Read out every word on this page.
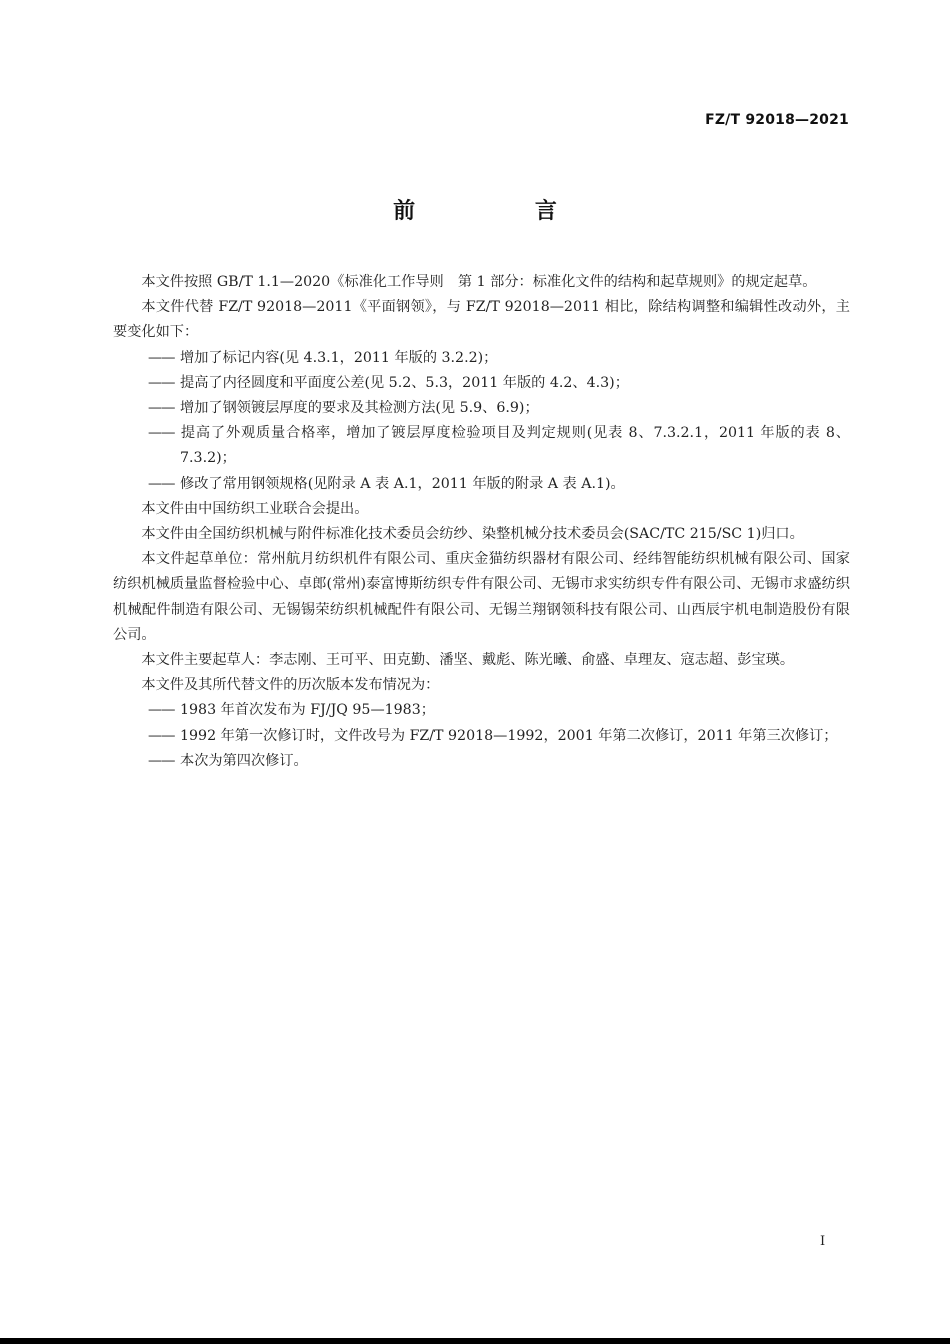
FZ/T 92018—2021
前 言

本文件按照 GB/T 1.1—2020《标准化工作导则　第 1 部分：标准化文件的结构和起草规则》的规定起草。

本文件代替 FZ/T 92018—2011《平面钢领》，与 FZ/T 92018—2011 相比，除结构调整和编辑性改动外，主要变化如下：

—— 增加了标记内容(见 4.3.1，2011 年版的 3.2.2)；

—— 提高了内径圆度和平面度公差(见 5.2、5.3，2011 年版的 4.2、4.3)；

—— 增加了钢领镀层厚度的要求及其检测方法(见 5.9、6.9)；

—— 提高了外观质量合格率，增加了镀层厚度检验项目及判定规则(见表 8、7.3.2.1，2011 年版的表 8、7.3.2)；

—— 修改了常用钢领规格(见附录 A 表 A.1，2011 年版的附录 A 表 A.1)。

本文件由中国纺织工业联合会提出。

本文件由全国纺织机械与附件标准化技术委员会纺纱、染整机械分技术委员会(SAC/TC 215/SC 1)归口。

本文件起草单位：常州航月纺织机件有限公司、重庆金猫纺织器材有限公司、经纬智能纺织机械有限公司、国家纺织机械质量监督检验中心、卓郎(常州)泰富博斯纺织专件有限公司、无锡市求实纺织专件有限公司、无锡市求盛纺织机械配件制造有限公司、无锡锡荣纺织机械配件有限公司、无锡兰翔钢领科技有限公司、山西辰宇机电制造股份有限公司。

本文件主要起草人：李志刚、王可平、田克勤、潘坚、戴彪、陈光曦、俞盛、卓理友、寇志超、彭宝瑛。

本文件及其所代替文件的历次版本发布情况为：

—— 1983 年首次发布为 FJ/JQ 95—1983；

—— 1992 年第一次修订时，文件改号为 FZ/T 92018—1992，2001 年第二次修订，2011 年第三次修订；

—— 本次为第四次修订。

I
